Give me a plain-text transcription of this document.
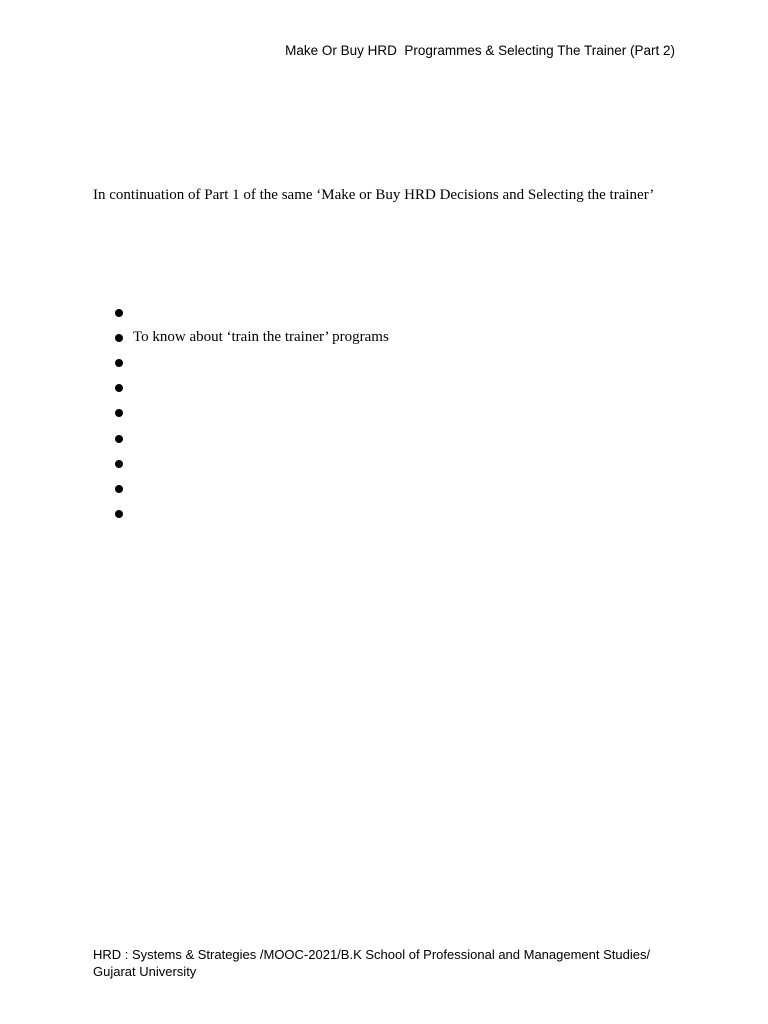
Make Or Buy HRD  Programmes & Selecting The Trainer (Part 2)
In continuation of Part 1 of the same ‘Make or Buy HRD Decisions and Selecting the trainer’
To know about ‘train the trainer’ programs
HRD : Systems & Strategies /MOOC-2021/B.K School of Professional and Management Studies/
Gujarat University
